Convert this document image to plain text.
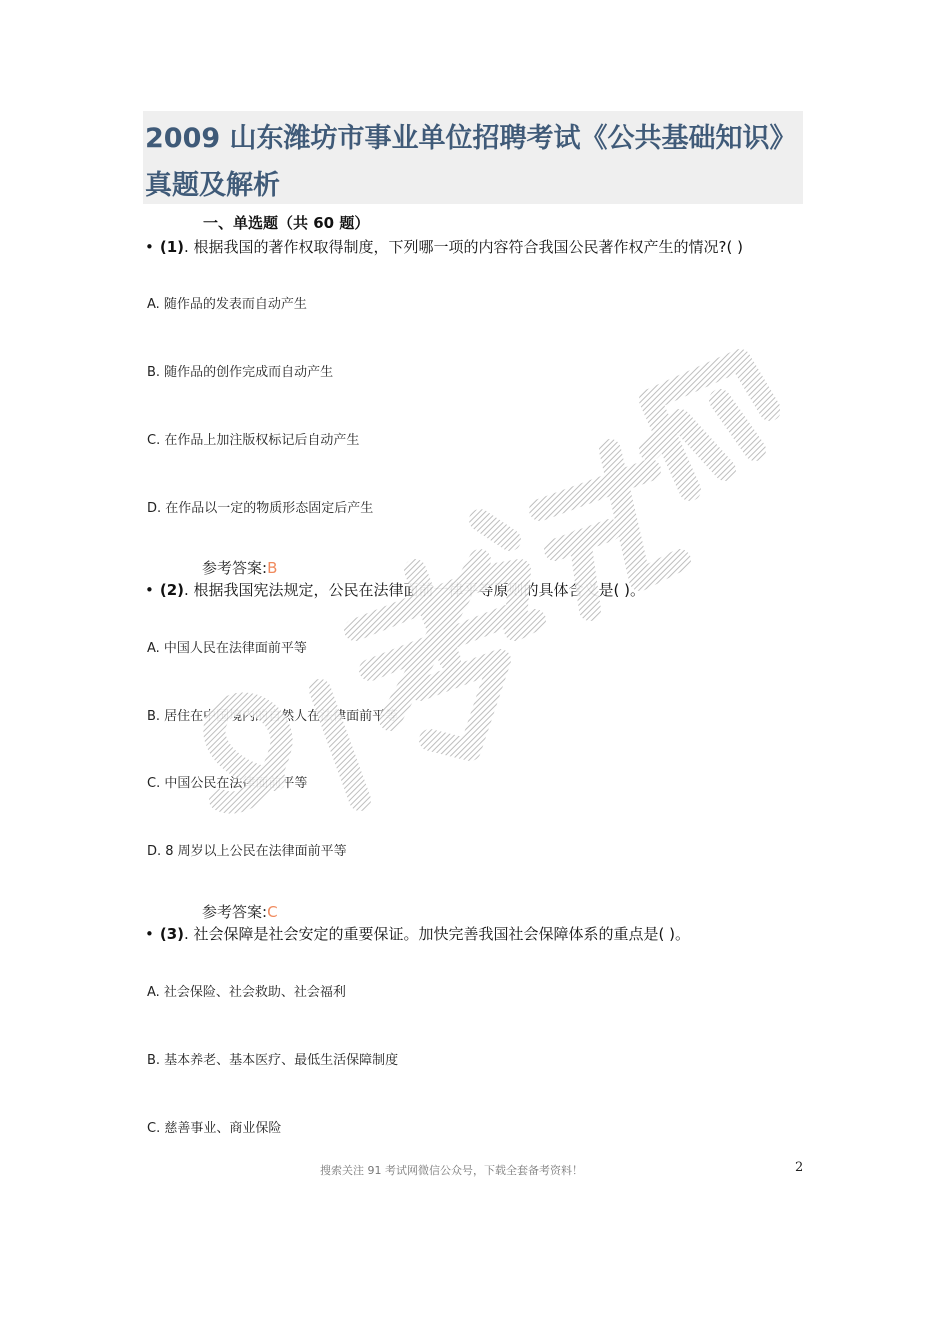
2009 山东潍坊市事业单位招聘考试《公共基础知识》真题及解析
一、单选题（共 60 题）
• (1). 根据我国的著作权取得制度，下列哪一项的内容符合我国公民著作权产生的情况?( )
A. 随作品的发表而自动产生
B. 随作品的创作完成而自动产生
C. 在作品上加注版权标记后自动产生
D. 在作品以一定的物质形态固定后产生
参考答案:B
• (2). 根据我国宪法规定，公民在法律面前一律平等原则的具体含义是( )。
A. 中国人民在法律面前平等
B. 居住在中国境内的自然人在法律面前平等
C. 中国公民在法律面前平等
D. 8 周岁以上公民在法律面前平等
参考答案:C
• (3). 社会保障是社会安定的重要保证。加快完善我国社会保障体系的重点是( )。
A. 社会保险、社会救助、社会福利
B. 基本养老、基本医疗、最低生活保障制度
C. 慈善事业、商业保险
搜索关注 91 考试网微信公众号，下载全套备考资料！	2
